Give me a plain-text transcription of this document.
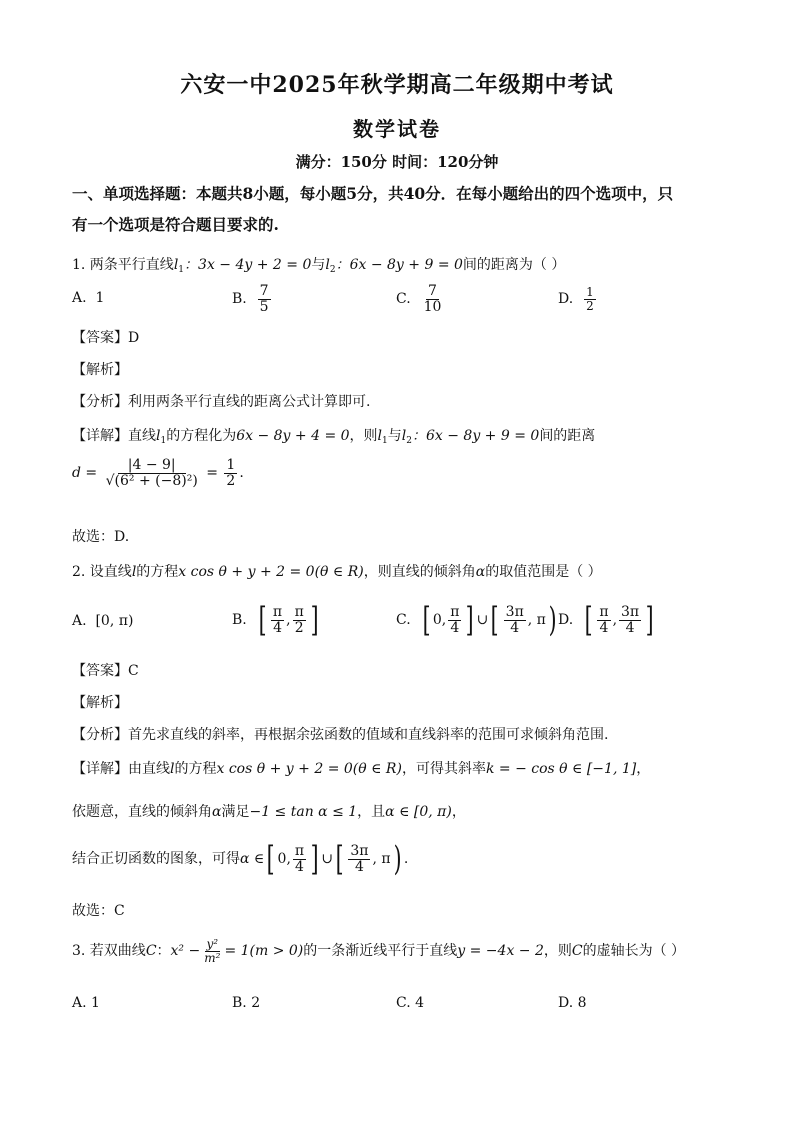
六安一中2025年秋学期高二年级期中考试
数学试卷
满分：150分 时间：120分钟
一、单项选择题：本题共8小题，每小题5分，共40分．在每小题给出的四个选项中，只
有一个选项是符合题目要求的.
1. 两条平行直线$l_1$：3x − 4y + 2 = 0与$l_2$：6x − 8y + 9 = 0间的距离为（ ）
A. 1	B. $\frac{7}{5}$	C. $\frac{7}{10}$	D. $\frac{1}{2}$
【答案】D
【解析】
【分析】利用两条平行直线的距离公式计算即可.
【详解】直线$l_1$的方程化为6x − 8y + 4 = 0，则$l_1$与$l_2$：6x − 8y + 9 = 0间的距离
$d = \frac{|4 - 9|}{\text{√(6² + (−8)²)}} = \frac{1}{2}$ .
故选：D.
2. 设直线l的方程x cos θ + y + 2 = 0(θ ∈ R)，则直线的倾斜角α的取值范围是（ ）
A. [0, π)	B. [ $\frac{\pi}{4}$ , $\frac{\pi}{2}$ ]	C. [ 0, $\frac{\pi}{4}$ ] ∪[ $\frac{3\pi}{4}$ , π) D. [ $\frac{\pi}{4}$ , $\frac{3\pi}{4}$ ]
【答案】C
【解析】
【分析】首先求直线的斜率，再根据余弦函数的值域和直线斜率的范围可求倾斜角范围.
【详解】由直线l的方程x cos θ + y + 2 = 0(θ ∈ R)，可得其斜率k = − cos θ ∈ [−1, 1]，
依题意，直线的倾斜角α满足−1 ≤ tan α ≤ 1，且α ∈ [0, π)，
结合正切函数的图象，可得α ∈[ 0, $\frac{\pi}{4}$ ] ∪[ $\frac{3\pi}{4}$ , π) .
故选：C
3. 若双曲线C：$x^2 - \frac{\text{y²}}{\text{m²}} = 1(m > 0)$的一条渐近线平行于直线y = −4x − 2，则C的虚轴长为（ ）
A. 1	B. 2	C. 4	D. 8
